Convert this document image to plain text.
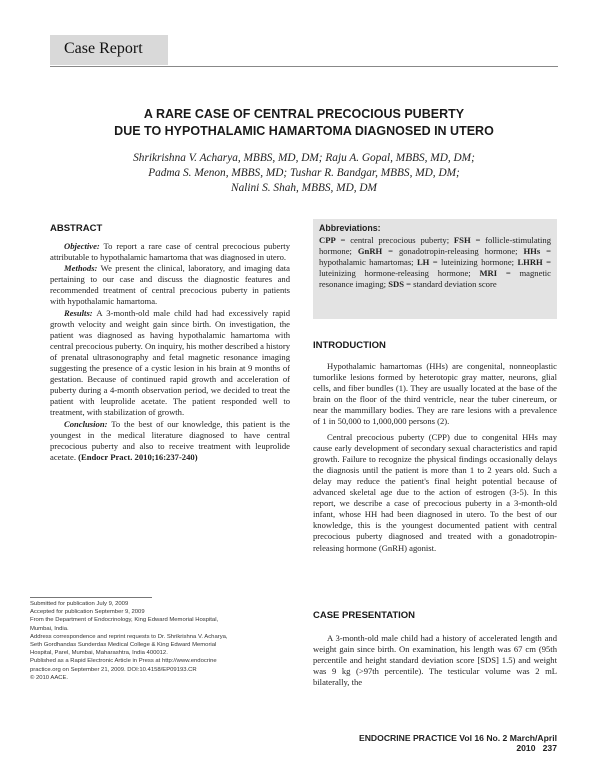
Case Report
A RARE CASE OF CENTRAL PRECOCIOUS PUBERTY
DUE TO HYPOTHALAMIC HAMARTOMA DIAGNOSED IN UTERO
Shrikrishna V. Acharya, MBBS, MD, DM; Raju A. Gopal, MBBS, MD, DM;
Padma S. Menon, MBBS, MD; Tushar R. Bandgar, MBBS, MD, DM;
Nalini S. Shah, MBBS, MD, DM
ABSTRACT

Objective: To report a rare case of central precocious puberty attributable to hypothalamic hamartoma that was diagnosed in utero.

Methods: We present the clinical, laboratory, and imaging data pertaining to our case and discuss the diagnostic features and recommended treatment of central precocious puberty in patients with hypothalamic hamartoma.

Results: A 3-month-old male child had had excessively rapid growth velocity and weight gain since birth. On investigation, the patient was diagnosed as having hypothalamic hamartoma with central precocious puberty. On inquiry, his mother described a history of prenatal ultrasonography and fetal magnetic resonance imaging suggesting the presence of a cystic lesion in his brain at 9 months of gestation. Because of continued rapid growth and acceleration of puberty during a 4-month observation period, we decided to treat the patient with leuprolide acetate. The patient responded well to treatment, with stabilization of growth.

Conclusion: To the best of our knowledge, this patient is the youngest in the medical literature diagnosed to have central precocious puberty and also to receive treatment with leuprolide acetate. (Endocr Pract. 2010;16:237-240)

Abbreviations:
CPP = central precocious puberty; FSH = follicle-stimulating hormone; GnRH = gonadotropin-releasing hormone; HHs = hypothalamic hamartomas; LH = luteinizing hormone; LHRH = luteinizing hormone-releasing hormone; MRI = magnetic resonance imaging; SDS = standard deviation score
INTRODUCTION

Hypothalamic hamartomas (HHs) are congenital, nonneoplastic tumorlike lesions formed by heterotopic gray matter, neurons, glial cells, and fiber bundles (1). They are usually located at the base of the brain on the floor of the third ventricle, near the tuber cinereum, or near the mammillary bodies. They are rare lesions with a prevalence of 1 in 50,000 to 1,000,000 persons (2).

Central precocious puberty (CPP) due to congenital HHs may cause early development of secondary sexual characteristics and rapid growth. Failure to recognize the physical findings occasionally delays the diagnosis until the patient is more than 1 to 2 years old. Such a delay may reduce the patient's final height potential because of advanced skeletal age due to the action of estrogen (3-5). In this report, we describe a case of precocious puberty in a 3-month-old infant, whose HH had been diagnosed in utero. To the best of our knowledge, this is the youngest documented patient with central precocious puberty diagnosed and treated with a gonadotropin-releasing hormone (GnRH) agonist.

CASE PRESENTATION

A 3-month-old male child had a history of accelerated length and weight gain since birth. On examination, his length was 67 cm (95th percentile and height standard deviation score [SDS] 1.5) and weight was 9 kg (>97th percentile). The testicular volume was 2 mL bilaterally, the

Submitted for publication July 9, 2009
Accepted for publication September 9, 2009
From the Department of Endocrinology, King Edward Memorial Hospital,
Mumbai, India.
Address correspondence and reprint requests to Dr. Shrikrishna V. Acharya,
Seth Gordhandas Sunderdas Medical College & King Edward Memorial
Hospital, Parel, Mumbai, Maharashtra, India 400012.
Published as a Rapid Electronic Article in Press at http://www.endocrine
practice.org on September 21, 2009. DOI:10.4158/EP09193.CR
© 2010 AACE.
ENDOCRINE PRACTICE Vol 16 No. 2 March/April 2010 237
